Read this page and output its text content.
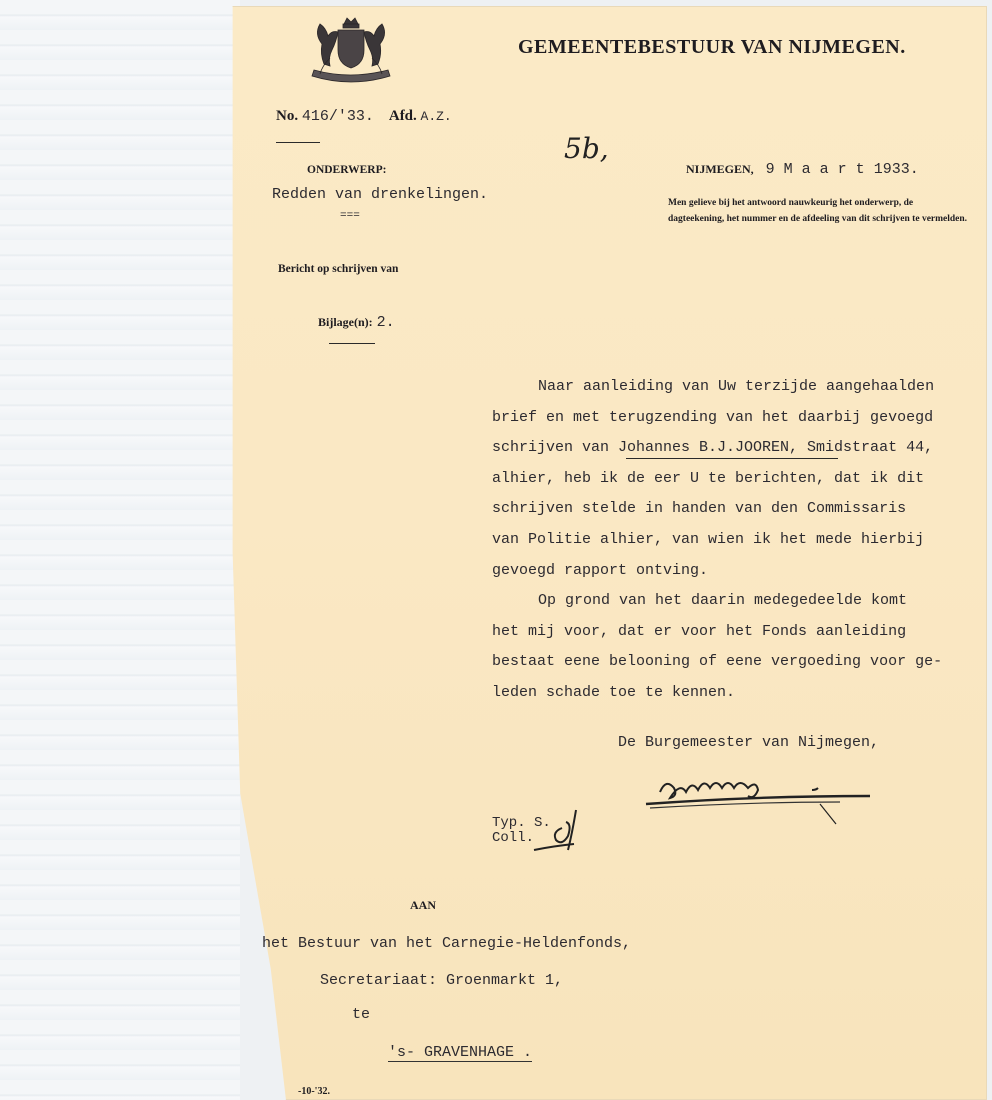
GEMEENTEBESTUUR VAN NIJMEGEN.
No. 416/'33. Afd. A.Z.
5b,
ONDERWERP:
Redden van drenkelingen.
===
NIJMEGEN, 9 M a a r t 1933.
Men gelieve bij het antwoord nauwkeurig het onderwerp, de dagteekening, het nummer en de afdeeling van dit schrijven te vermelden.
Bericht op schrijven van
Bijlage(n): 2.

Naar aanleiding van Uw terzijde aangehaalden

brief en met terugzending van het daarbij gevoegd

schrijven van Johannes B.J.JOOREN, Smidstraat 44,

alhier, heb ik de eer U te berichten, dat ik dit

schrijven stelde in handen van den Commissaris

van Politie alhier, van wien ik het mede hierbij

gevoegd rapport ontving.

Op grond van het daarin medegedeelde komt

het mij voor, dat er voor het Fonds aanleiding

bestaat eene belooning of eene vergoeding voor ge-

leden schade toe te kennen.

De Burgemeester van Nijmegen,
Typ. S.
Coll.
AAN
het Bestuur van het Carnegie-Heldenfonds,
Secretariaat: Groenmarkt 1,
te
's- GRAVENHAGE .
-10-'32.
